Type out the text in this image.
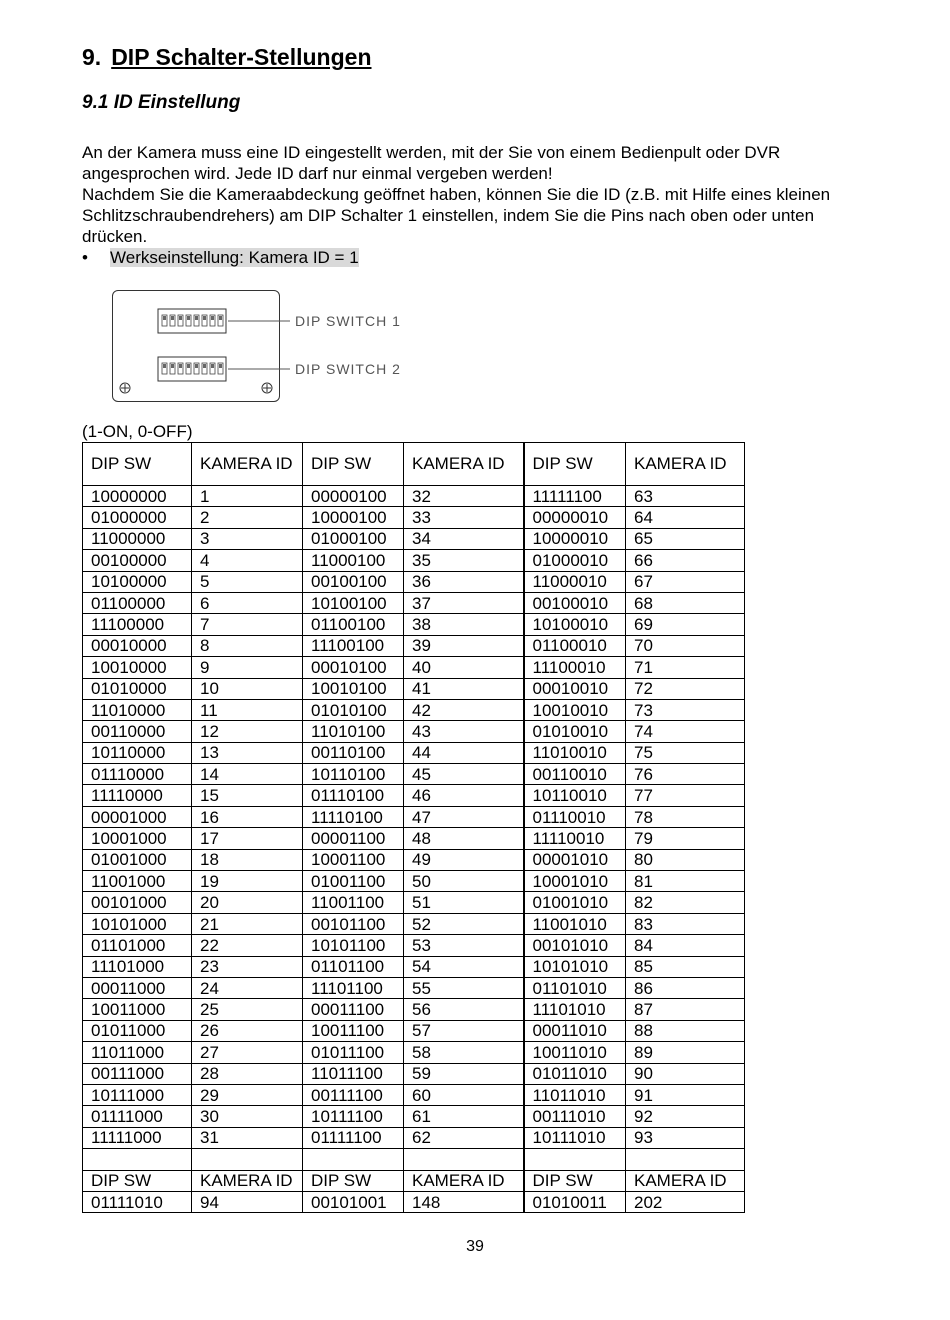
9. DIP Schalter-Stellungen
9.1 ID Einstellung
An der Kamera muss eine ID eingestellt werden, mit der Sie von einem Bedienpult oder DVR
angesprochen wird. Jede ID darf nur einmal vergeben werden!
Nachdem Sie die Kameraabdeckung geöffnet haben, können Sie die ID (z.B. mit Hilfe eines kleinen
Schlitzschraubendrehers) am DIP Schalter 1 einstellen, indem Sie die Pins nach oben oder unten
drücken.
• Werkseinstellung: Kamera ID = 1
DIP SWITCH 1
DIP SWITCH 2
(1-ON, 0-OFF)
DIP SW	KAMERA ID	DIP SW	KAMERA ID	DIP SW	KAMERA ID
10000000	1	00000100	32	11111100	63
01000000	2	10000100	33	00000010	64
11000000	3	01000100	34	10000010	65
00100000	4	11000100	35	01000010	66
10100000	5	00100100	36	11000010	67
01100000	6	10100100	37	00100010	68
11100000	7	01100100	38	10100010	69
00010000	8	11100100	39	01100010	70
10010000	9	00010100	40	11100010	71
01010000	10	10010100	41	00010010	72
11010000	11	01010100	42	10010010	73
00110000	12	11010100	43	01010010	74
10110000	13	00110100	44	11010010	75
01110000	14	10110100	45	00110010	76
11110000	15	01110100	46	10110010	77
00001000	16	11110100	47	01110010	78
10001000	17	00001100	48	11110010	79
01001000	18	10001100	49	00001010	80
11001000	19	01001100	50	10001010	81
00101000	20	11001100	51	01001010	82
10101000	21	00101100	52	11001010	83
01101000	22	10101100	53	00101010	84
11101000	23	01101100	54	10101010	85
00011000	24	11101100	55	01101010	86
10011000	25	00011100	56	11101010	87
01011000	26	10011100	57	00011010	88
11011000	27	01011100	58	10011010	89
00111000	28	11011100	59	01011010	90
10111000	29	00111100	60	11011010	91
01111000	30	10111100	61	00111010	92
11111000	31	01111100	62	10111010	93

DIP SW	KAMERA ID	DIP SW	KAMERA ID	DIP SW	KAMERA ID
01111010	94	00101001	148	01010011	202
39
